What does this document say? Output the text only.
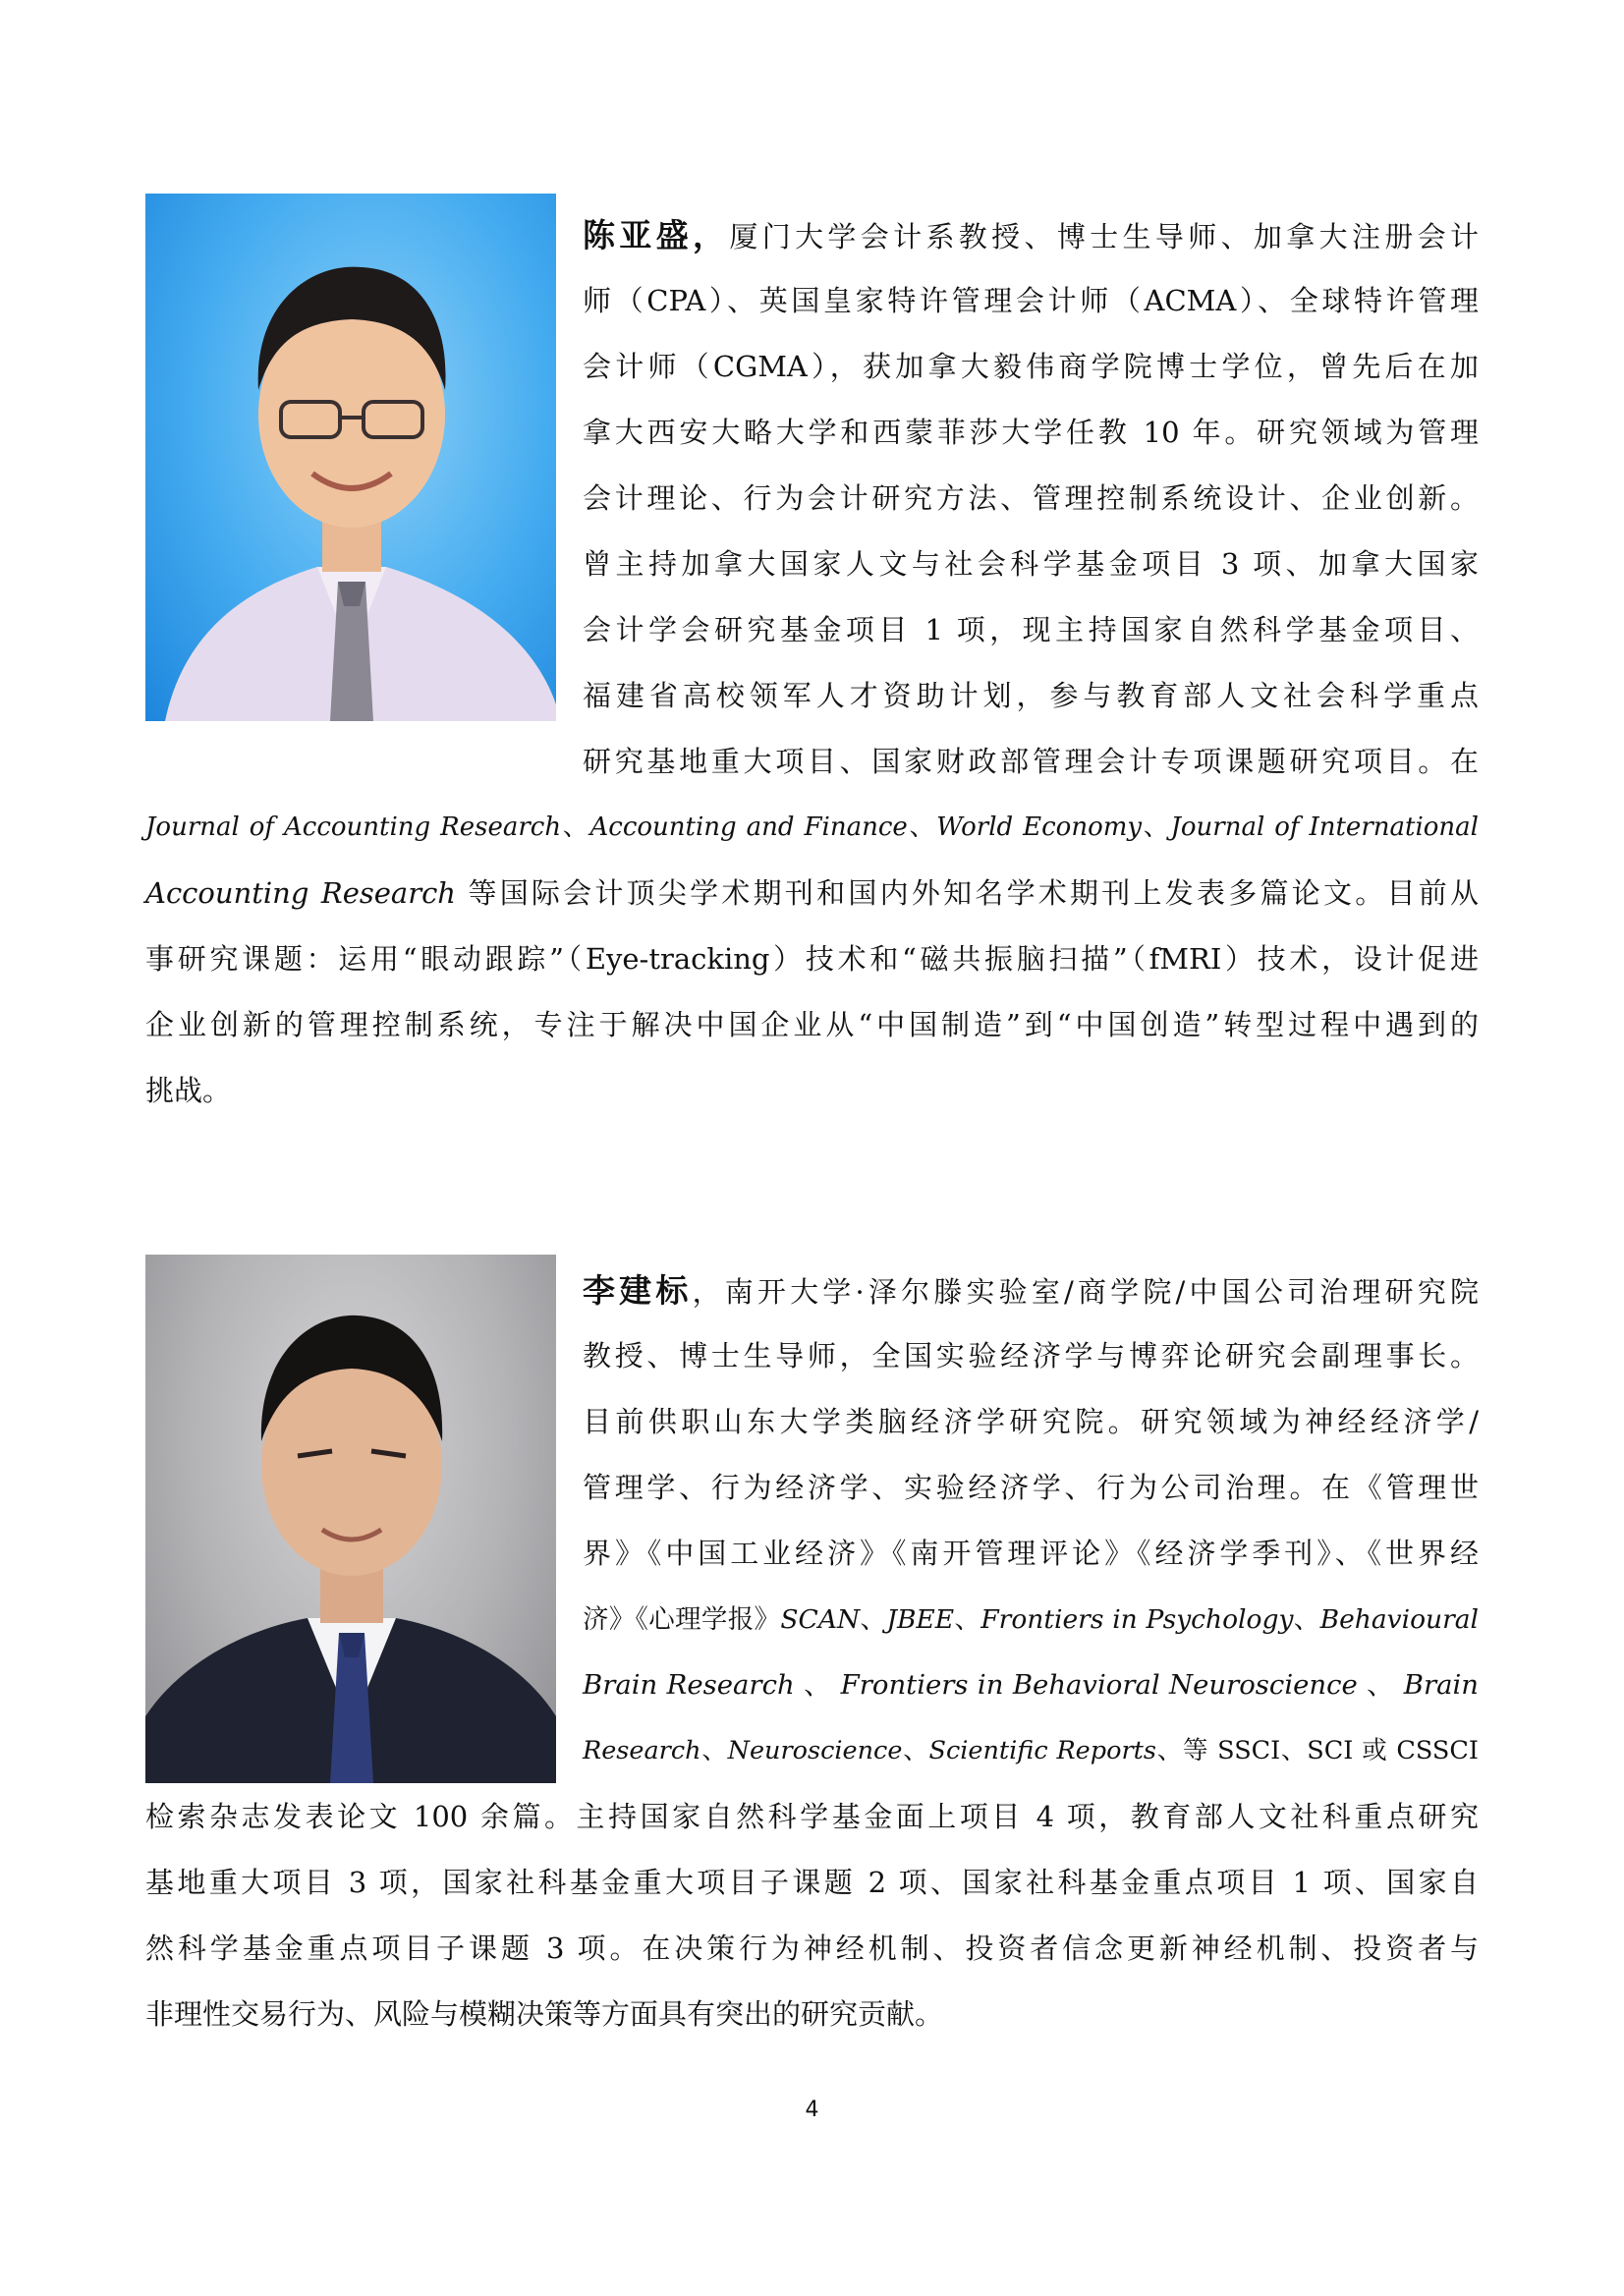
陈亚盛，厦门大学会计系教授、博士生导师、加拿大注册会计
师（CPA）、英国皇家特许管理会计师（ACMA）、全球特许管理
会计师（CGMA），获加拿大毅伟商学院博士学位，曾先后在加
拿大西安大略大学和西蒙菲莎大学任教 10 年。研究领域为管理
会计理论、行为会计研究方法、管理控制系统设计、企业创新。
曾主持加拿大国家人文与社会科学基金项目 3 项、加拿大国家
会计学会研究基金项目 1 项，现主持国家自然科学基金项目、
福建省高校领军人才资助计划，参与教育部人文社会科学重点
研究基地重大项目、国家财政部管理会计专项课题研究项目。在
Journal of Accounting Research、Accounting and Finance、World Economy、Journal of International
Accounting Research 等国际会计顶尖学术期刊和国内外知名学术期刊上发表多篇论文。目前从
事研究课题：运用“眼动跟踪”（Eye-tracking）技术和“磁共振脑扫描”（fMRI）技术，设计促进
企业创新的管理控制系统，专注于解决中国企业从“中国制造”到“中国创造”转型过程中遇到的
挑战。
李建标，南开大学·泽尔滕实验室/商学院/中国公司治理研究院
教授、博士生导师，全国实验经济学与博弈论研究会副理事长。
目前供职山东大学类脑经济学研究院。研究领域为神经经济学/
管理学、行为经济学、实验经济学、行为公司治理。在《管理世
界》《中国工业经济》《南开管理评论》《经济学季刊》、《世界经
济》《心理学报》SCAN、JBEE、Frontiers in Psychology、Behavioural
Brain Research 、 Frontiers in Behavioral Neuroscience 、 Brain
Research、Neuroscience、Scientific Reports、等 SSCI、SCI 或 CSSCI
检索杂志发表论文 100 余篇。主持国家自然科学基金面上项目 4 项，教育部人文社科重点研究
基地重大项目 3 项，国家社科基金重大项目子课题 2 项、国家社科基金重点项目 1 项、国家自
然科学基金重点项目子课题 3 项。在决策行为神经机制、投资者信念更新神经机制、投资者与
非理性交易行为、风险与模糊决策等方面具有突出的研究贡献。
4
